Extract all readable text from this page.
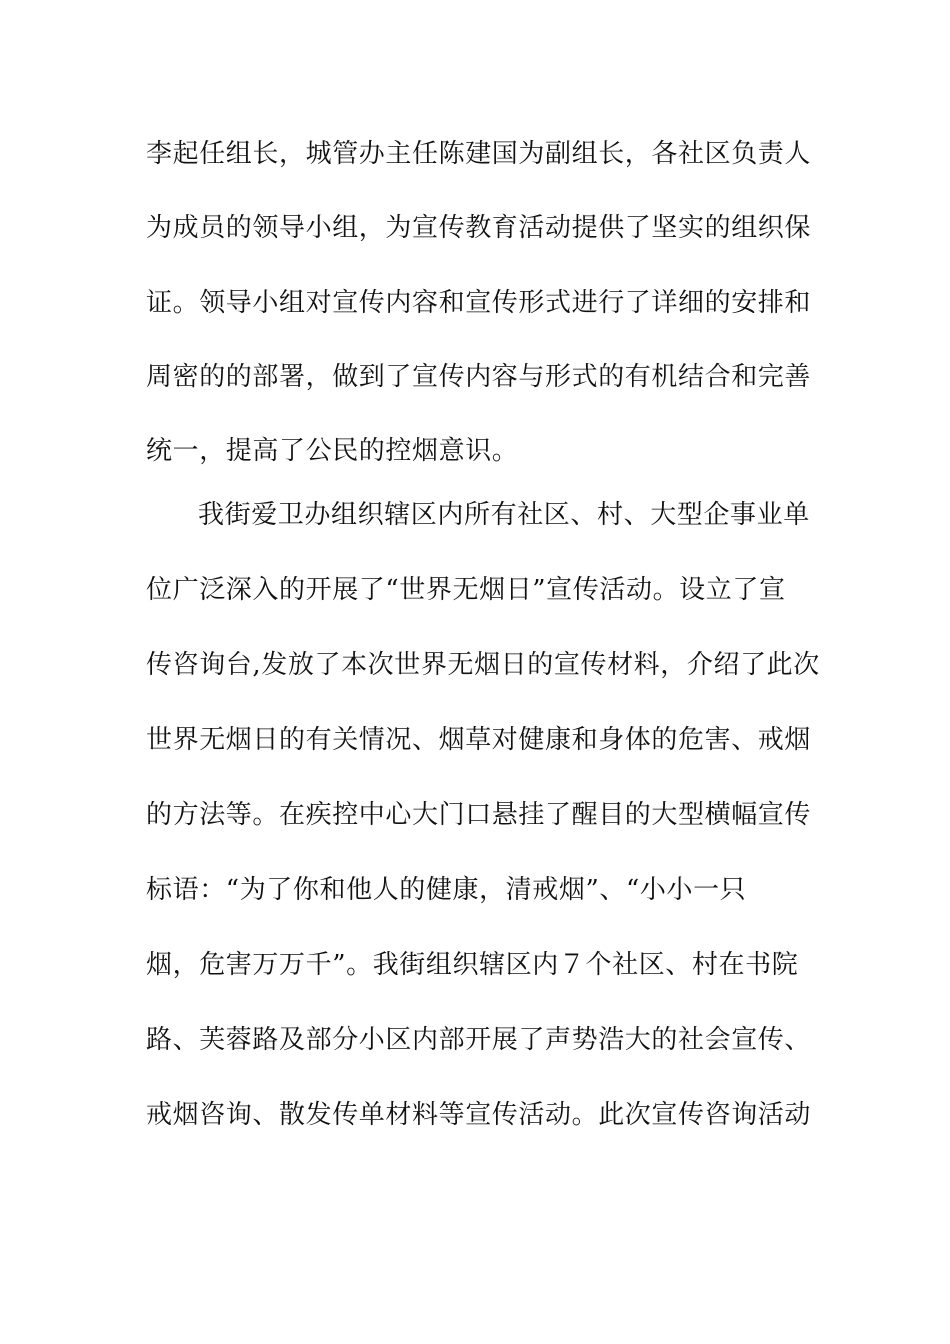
李起任组长，城管办主任陈建国为副组长，各社区负责人
为成员的领导小组，为宣传教育活动提供了坚实的组织保
证。领导小组对宣传内容和宣传形式进行了详细的安排和
周密的的部署，做到了宣传内容与形式的有机结合和完善
统一，提高了公民的控烟意识。
我街爱卫办组织辖区内所有社区、村、大型企事业单
位广泛深入的开展了“世界无烟日”宣传活动。设立了宣
传咨询台,发放了本次世界无烟日的宣传材料，介绍了此次
世界无烟日的有关情况、烟草对健康和身体的危害、戒烟
的方法等。在疾控中心大门口悬挂了醒目的大型横幅宣传
标语：“为了你和他人的健康，清戒烟”、“小小一只
烟，危害万万千”。我街组织辖区内７个社区、村在书院
路、芙蓉路及部分小区内部开展了声势浩大的社会宣传、
戒烟咨询、散发传单材料等宣传活动。此次宣传咨询活动
